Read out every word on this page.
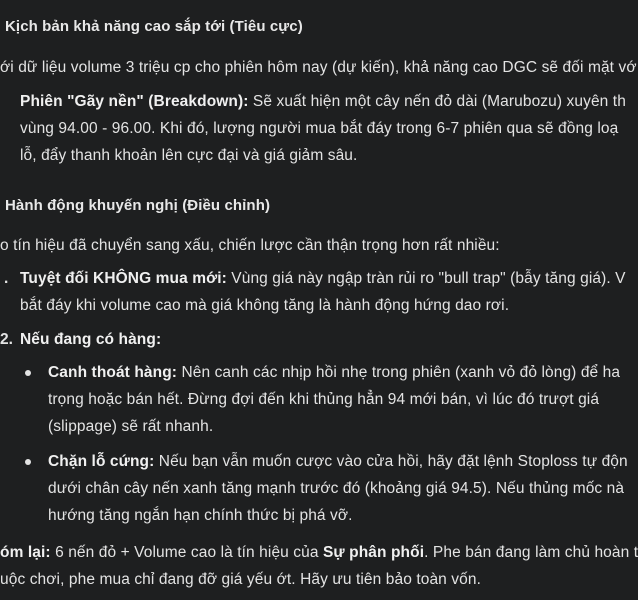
Kịch bản khả năng cao sắp tới (Tiêu cực)
ới dữ liệu volume 3 triệu cp cho phiên hôm nay (dự kiến), khả năng cao DGC sẽ đối mặt vớ
Phiên "Gãy nền" (Breakdown): Sẽ xuất hiện một cây nến đỏ dài (Marubozu) xuyên th
vùng 94.00 - 96.00. Khi đó, lượng người mua bắt đáy trong 6-7 phiên qua sẽ đồng loạ
lỗ, đẩy thanh khoản lên cực đại và giá giảm sâu.
Hành động khuyến nghị (Điều chỉnh)
o tín hiệu đã chuyển sang xấu, chiến lược cần thận trọng hơn rất nhiều:
. Tuyệt đối KHÔNG mua mới: Vùng giá này ngập tràn rủi ro "bull trap" (bẫy tăng giá). V
bắt đáy khi volume cao mà giá không tăng là hành động hứng dao rơi.
2. Nếu đang có hàng:
Canh thoát hàng: Nên canh các nhịp hồi nhẹ trong phiên (xanh vỏ đỏ lòng) để ha
trọng hoặc bán hết. Đừng đợi đến khi thủng hẳn 94 mới bán, vì lúc đó trượt giá
(slippage) sẽ rất nhanh.
Chặn lỗ cứng: Nếu bạn vẫn muốn cược vào cửa hồi, hãy đặt lệnh Stoploss tự độn
dưới chân cây nến xanh tăng mạnh trước đó (khoảng giá 94.5). Nếu thủng mốc nà
hướng tăng ngắn hạn chính thức bị phá vỡ.
óm lại: 6 nến đỏ + Volume cao là tín hiệu của Sự phân phối. Phe bán đang làm chủ hoàn t
uộc chơi, phe mua chỉ đang đỡ giá yếu ớt. Hãy ưu tiên bảo toàn vốn.
